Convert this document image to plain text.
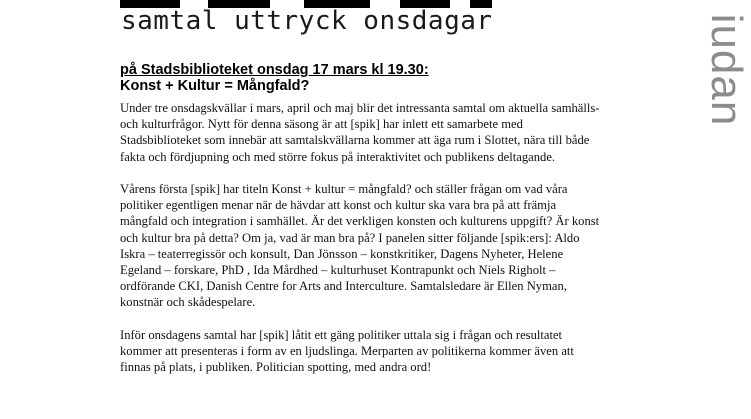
samtal uttryck onsdagar	iudan
på Stadsbiblioteket onsdag 17 mars kl 19.30:
Konst + Kultur = Mångfald?

Under tre onsdagskvällar i mars, april och maj blir det intressanta samtal om aktuella samhälls- och kulturfrågor. Nytt för denna säsong är att [spik] har inlett ett samarbete med Stadsbiblioteket som innebär att samtalskvällarna kommer att äga rum i Slottet, nära till både fakta och fördjupning och med större fokus på interaktivitet och publikens deltagande.

Vårens första [spik] har titeln Konst + kultur = mångfald? och ställer frågan om vad våra politiker egentligen menar när de hävdar att konst och kultur ska vara bra på att främja mångfald och integration i samhället. Är det verkligen konsten och kulturens uppgift? Är konst och kultur bra på detta? Om ja, vad är man bra på? I panelen sitter följande [spik:ers]: Aldo Iskra – teaterregissör och konsult, Dan Jönsson – konstkritiker, Dagens Nyheter, Helene Egeland – forskare, PhD , Ida Mårdhed – kulturhuset Kontrapunkt och Niels Righolt – ordförande CKI, Danish Centre for Arts and Interculture. Samtalsledare är Ellen Nyman, konstnär och skådespelare.

Inför onsdagens samtal har [spik] låtit ett gäng politiker uttala sig i frågan och resultatet kommer att presenteras i form av en ljudslinga. Merparten av politikerna kommer även att finnas på plats, i publiken. Politician spotting, med andra ord!
